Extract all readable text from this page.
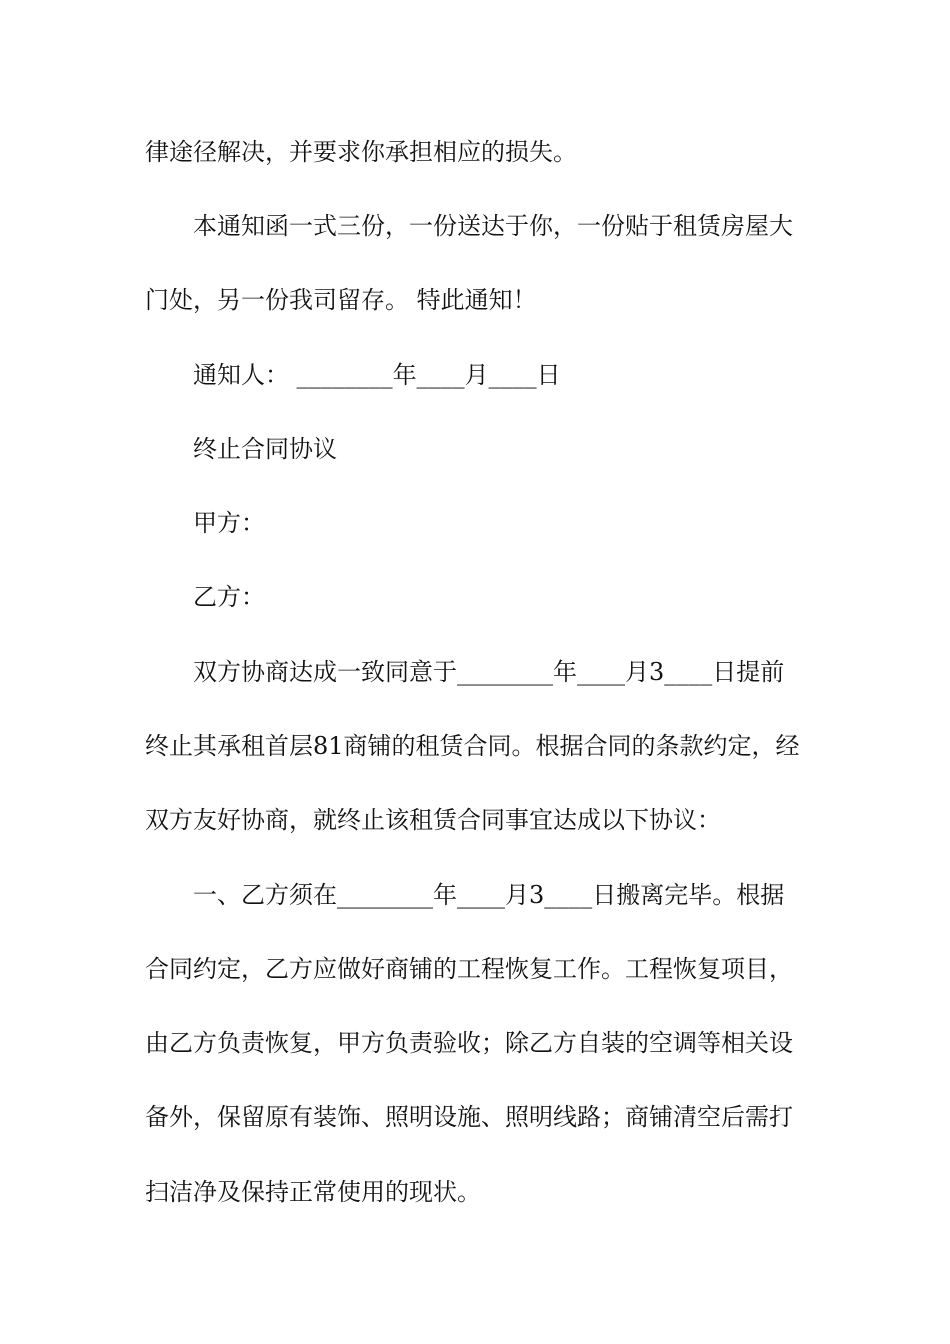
律途径解决，并要求你承担相应的损失。
本通知函一式三份，一份送达于你，一份贴于租赁房屋大
门处，另一份我司留存。 特此通知！
通知人： ________年____月____日
终止合同协议
甲方：
乙方：
双方协商达成一致同意于________年____月3____日提前
终止其承租首层81商铺的租赁合同。根据合同的条款约定，经
双方友好协商，就终止该租赁合同事宜达成以下协议：
一、乙方须在________年____月3____日搬离完毕。根据
合同约定，乙方应做好商铺的工程恢复工作。工程恢复项目，
由乙方负责恢复，甲方负责验收；除乙方自装的空调等相关设
备外，保留原有装饰、照明设施、照明线路；商铺清空后需打
扫洁净及保持正常使用的现状。
